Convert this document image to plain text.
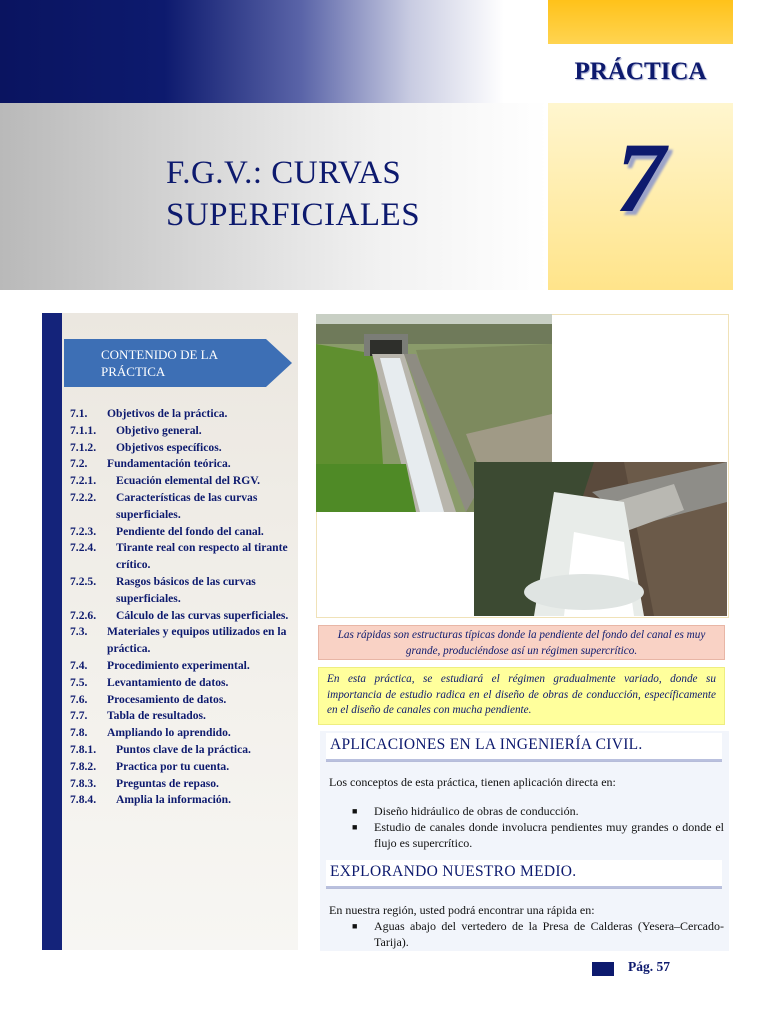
PRÁCTICA
7
F.G.V.: CURVAS
SUPERFICIALES
CONTENIDO DE LA
PRÁCTICA
7.1.	Objetivos de la práctica.
7.1.1.	Objetivo general.
7.1.2.	Objetivos específicos.
7.2.	Fundamentación teórica.
7.2.1.	Ecuación elemental del RGV.
7.2.2.	Características de las curvas superficiales.
7.2.3.	Pendiente del fondo del canal.
7.2.4.	Tirante real con respecto al tirante crítico.
7.2.5.	Rasgos básicos de las curvas superficiales.
7.2.6.	Cálculo de las curvas superficiales.
7.3.	Materiales y equipos utilizados en la práctica.
7.4.	Procedimiento experimental.
7.5.	Levantamiento de datos.
7.6.	Procesamiento de datos.
7.7.	Tabla de resultados.
7.8.	Ampliando lo aprendido.
7.8.1.	Puntos clave de la práctica.
7.8.2.	Practica por tu cuenta.
7.8.3.	Preguntas de repaso.
7.8.4.	Amplia la información.
Las rápidas son estructuras típicas donde la pendiente del fondo del canal es muy grande, produciéndose así un régimen supercrítico.
En esta práctica, se estudiará el régimen gradualmente variado, donde su importancia de estudio radica en el diseño de obras de conducción, específicamente en el diseño de canales con mucha pendiente.
APLICACIONES EN LA INGENIERÍA CIVIL.
Los conceptos de esta práctica, tienen aplicación directa en:
■	Diseño hidráulico de obras de conducción.
■	Estudio de canales donde involucra pendientes muy grandes o donde el flujo es supercrítico.
EXPLORANDO NUESTRO MEDIO.
En nuestra región, usted podrá encontrar una rápida en:
■	Aguas abajo del vertedero de la Presa de Calderas (Yesera–Cercado-Tarija).
Pág. 57
